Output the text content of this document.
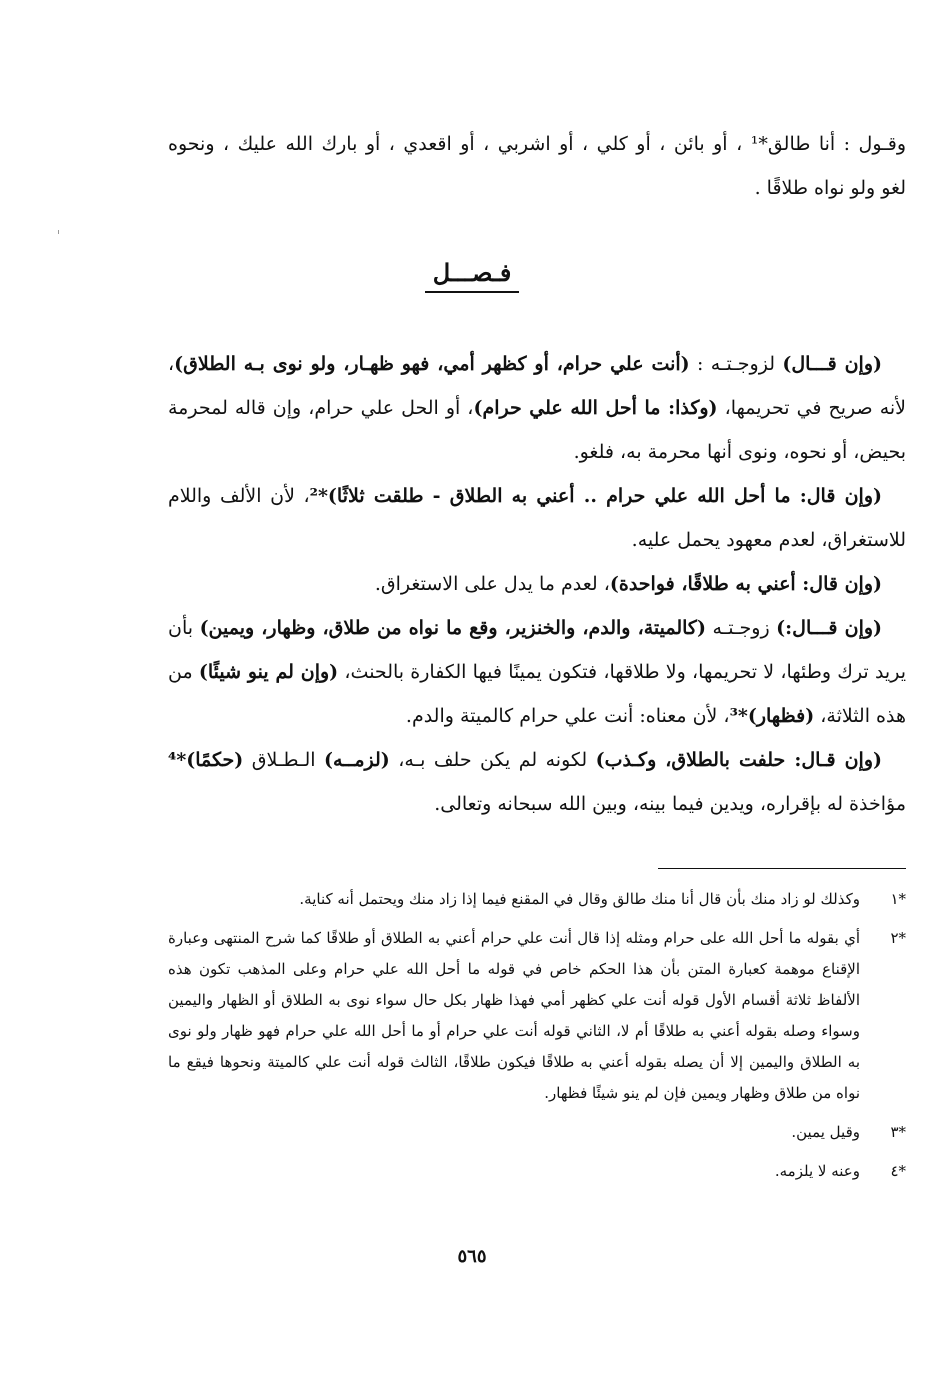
وقـول : أنا طالق*¹ ، أو بائن ، أو كلي ، أو اشربي ، أو اقعدي ، أو بارك الله عليك ، ونحوه

لغو ولو نواه طلاقًا .

فـصـــل

(وإن قـــال) لزوجـتـه : (أنت علي حرام، أو كظهر أمي، فهو ظهـار، ولو نوى بـه الطلاق)، لأنه صريح في تحريمها، (وكذا: ما أحل الله علي حرام)، أو الحل علي حرام، وإن قاله لمحرمة بحيض، أو نحوه، ونوى أنها محرمة به، فلغو.

(وإن قال: ما أحل الله علي حرام .. أعني به الطلاق - طلقت ثلاثًا)*²، لأن الألف واللام للاستغراق، لعدم معهود يحمل عليه.

(وإن قال: أعني به طلاقًا، فواحدة)، لعدم ما يدل على الاستغراق.

(وإن قـــال:) زوجـتـه (كالميتة، والدم، والخنزير، وقع ما نواه من طلاق، وظهار، ويمين) بأن يريد ترك وطئها، لا تحريمها، ولا طلاقها، فتكون يمينًا فيها الكفارة بالحنث، (وإن لم ينو شيئًا) من هذه الثلاثة، (فظهار)*³، لأن معناه: أنت علي حرام كالميتة والدم.

(وإن قـال: حلفت بالطلاق، وكـذب) لكونه لم يكن حلف بـه، (لزمــه) الـطـلاق (حكمًا)*⁴ مؤاخذة له بإقراره، ويدين فيما بينه، وبين الله سبحانه وتعالى.

*١
وكذلك لو زاد منك بأن قال أنا منك طالق وقال في المقنع فيما إذا زاد منك ويحتمل أنه كناية.
*٢
أي بقوله ما أحل الله على حرام ومثله إذا قال أنت علي حرام أعني به الطلاق أو طلاقًا كما شرح المنتهى وعبارة الإقناع موهمة كعبارة المتن بأن هذا الحكم خاص في قوله ما أحل الله علي حرام وعلى المذهب تكون هذه الألفاظ ثلاثة أقسام الأول قوله أنت علي كظهر أمي فهذا ظهار بكل حال سواء نوى به الطلاق أو الظهار واليمين وسواء وصله بقوله أعني به طلاقًا أم لا، الثاني قوله أنت علي حرام أو ما أحل الله علي حرام فهو ظهار ولو نوى به الطلاق واليمين إلا أن يصله بقوله أعني به طلاقًا فيكون طلاقًا، الثالث قوله أنت علي كالميتة ونحوها فيقع ما نواه من طلاق وظهار ويمين فإن لم ينو شيئًا فظهار.
*٣
وقيل يمين.
*٤
وعنه لا يلزمه.
٥٦٥
